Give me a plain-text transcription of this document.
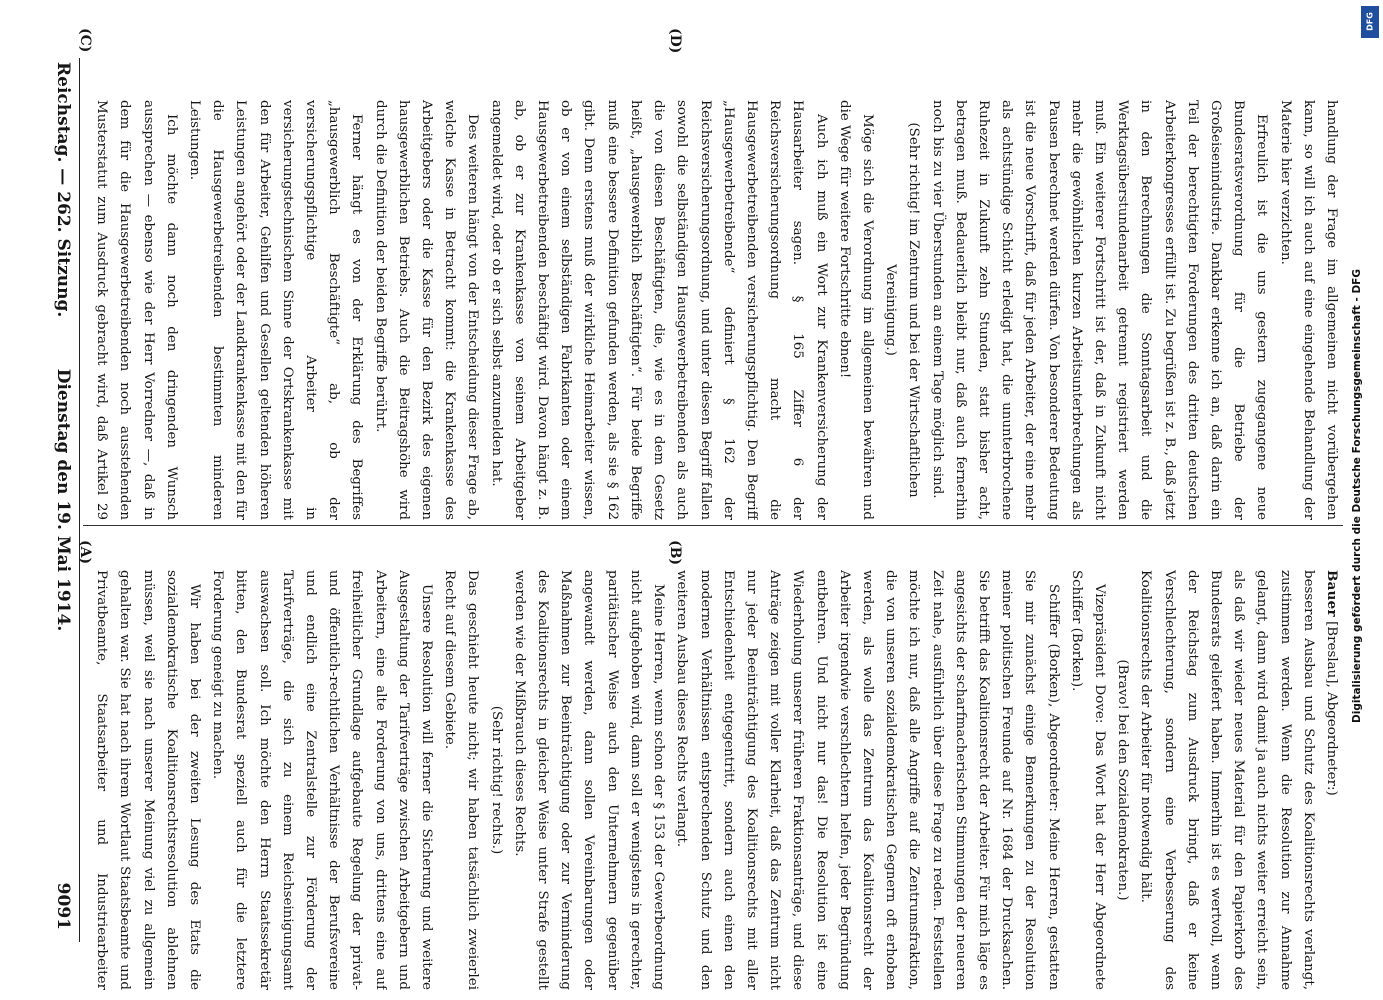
Reichstag. — 262. Sitzung.
Dienstag den 19. Mai 1914.
9091
(A)	(B)
(C)	(D)

Bauer [Breslau], Abgeordneter:)

besseren Ausbau und Schutz des Koalitionsrechts verlangt, zustimmen werden. Wenn die Resolution zur Annahme gelangt, dann wird damit ja auch nichts weiter erreicht sein, als daß wir wieder neues Material für den Papierkorb des Bundesrats geliefert haben. Immerhin ist es wertvoll, wenn der Reichstag zum Ausdruck bringt, daß er keine Verschlechterung, sondern eine Verbesserung des Koalitionsrechts der Arbeiter für notwendig hält.

(Bravo! bei den Sozialdemokraten.)

Vizepräsident Dove: Das Wort hat der Herr Abgeordnete Schiffer (Borken).

Schiffer (Borken), Abgeordneter: Meine Herren, gestatten Sie mir zunächst einige Bemerkungen zu der Resolution meiner politischen Freunde auf Nr. 1684 der Drucksachen. Sie betrifft das Koalitionsrecht der Arbeiter. Für mich läge es angesichts der scharfmacherischen Stimmungen der neueren Zeit nahe, ausführlich über diese Frage zu reden. Feststellen möchte ich nur, daß alle Angriffe auf die Zentrumsfraktion, die von unseren sozialdemokratischen Gegnern oft erhoben werden, als wolle das Zentrum das Koalitionsrecht der Arbeiter irgendwie verschlechtern helfen, jeder Begründung entbehren. Und nicht nur das! Die Resolution ist eine Wiederholung unserer früheren Fraktionsanträge, und diese Anträge zeigen mit voller Klarheit, daß das Zentrum nicht nur jeder Beeinträchtigung des Koalitionsrechts mit aller Entschiedenheit entgegentritt, sondern auch einen den modernen Verhältnissen entsprechenden Schutz und den weiteren Ausbau dieses Rechts verlangt.

Meine Herren, wenn schon der § 153 der Gewerbeordnung nicht aufgehoben wird, dann soll er wenigstens in gerechter, paritätischer Weise auch den Unternehmern gegenüber angewandt werden, dann sollen Vereinbarungen oder Maßnahmen zur Beeinträchtigung oder zur Verminderung des Koalitionsrechts in gleicher Weise unter Strafe gestellt werden wie der Mißbrauch dieses Rechts.

(Sehr richtig! rechts.)

Das geschieht heute nicht; wir haben tatsächlich zweierlei Recht auf diesem Gebiete.

Unsere Resolution will ferner die Sicherung und weitere Ausgestaltung der Tarifverträge zwischen Arbeitgebern und Arbeitern, eine alte Forderung von uns, drittens eine auf freiheitlicher Grundlage aufgebaute Regelung der privat- und öffentlich-rechtlichen Verhältnisse der Berufsvereine und endlich eine Zentralstelle zur Förderung der Tarifverträge, die sich zu einem Reichseinigungsamt auswachsen soll. Ich möchte den Herrn Staatssekretär bitten, den Bundesrat speziell auch für die letztere Forderung geneigt zu machen.

Wir haben bei der zweiten Lesung des Etats die sozialdemokratische Koalitionsrechtsresolution ablehnen müssen, weil sie nach unserer Meinung viel zu allgemein gehalten war. Sie hat nach ihrem Wortlaut Staatsbeamte und Privatbeamte, Staatsarbeiter und Industriearbeiter

handlung der Frage im allgemeinen nicht vorübergehen kann, so will ich auch auf eine eingehende Behandlung der Materie hier verzichten.

Erfreulich ist die uns gestern zugegangene neue Bundesratsverordnung für die Betriebe der Großeisenindustrie. Dankbar erkenne ich an, daß darin ein Teil der berechtigten Forderungen des dritten deutschen Arbeiterkongresses erfüllt ist. Zu begrüßen ist z. B., daß jetzt in den Berechnungen die Sonntagsarbeit und die Werktagsüberstundenarbeit getrennt registriert werden muß. Ein weiterer Fortschritt ist der, daß in Zukunft nicht mehr die gewöhnlichen kurzen Arbeitsunterbrechungen als Pausen berechnet werden dürfen. Von besonderer Bedeutung ist die neue Vorschrift, daß für jeden Arbeiter, der eine mehr als achtstündige Schicht erledigt hat, die ununterbrochene Ruhezeit in Zukunft zehn Stunden, statt bisher acht, betragen muß. Bedauerlich bleibt nur, daß auch fernerhin noch bis zu vier Überstunden an einem Tage möglich sind.

(Sehr richtig! im Zentrum und bei der Wirtschaftlichen Vereinigung.)

Möge sich die Verordnung im allgemeinen bewähren und die Wege für weitere Fortschritte ebnen!

Auch ich muß ein Wort zur Krankenversicherung der Hausarbeiter sagen. § 165 Ziffer 6 der Reichsversicherungsordnung macht die Hausgewerbetreibenden versicherungspflichtig. Den Begriff „Hausgewerbetreibende“ definiert § 162 der Reichsversicherungsordnung, und unter diesen Begriff fallen sowohl die selbständigen Hausgewerbetreibenden als auch die von diesen Beschäftigten, die, wie es in dem Gesetz heißt, „hausgewerblich Beschäftigten“. Für beide Begriffe muß eine bessere Definition gefunden werden, als sie § 162 gibt. Denn erstens muß der wirkliche Heimarbeiter wissen, ob er von einem selbständigen Fabrikanten oder einem Hausgewerbetreibenden beschäftigt wird. Davon hängt z. B. ab, ob er zur Krankenkasse von seinem Arbeitgeber angemeldet wird, oder ob er sich selbst anzumelden hat.

Des weiteren hängt von der Entscheidung dieser Frage ab, welche Kasse in Betracht kommt: die Krankenkasse des Arbeitgebers oder die Kasse für den Bezirk des eigenen hausgewerblichen Betriebs. Auch die Beitragshöhe wird durch die Definition der beiden Begriffe berührt.

Ferner hängt es von der Erklärung des Begriffes „hausgewerblich Beschäftigte“ ab, ob der versicherungspflichtige Arbeiter in versicherungstechnischem Sinne der Ortskrankenkasse mit den für Arbeiter, Gehilfen und Gesellen geltenden höheren Leistungen angehört oder der Landkrankenkasse mit den für die Hausgewerbetreibenden bestimmten minderen Leistungen.

Ich möchte dann noch den dringenden Wunsch aussprechen — ebenso wie der Herr Vorredner —, daß in dem für die Hausgewerbetreibenden noch ausstehenden Musterstatut zum Ausdruck gebracht wird, daß Artikel 29	Digitalisierung gefördert durch die Deutsche Forschungsgemeinschaft - DFG
DFG
